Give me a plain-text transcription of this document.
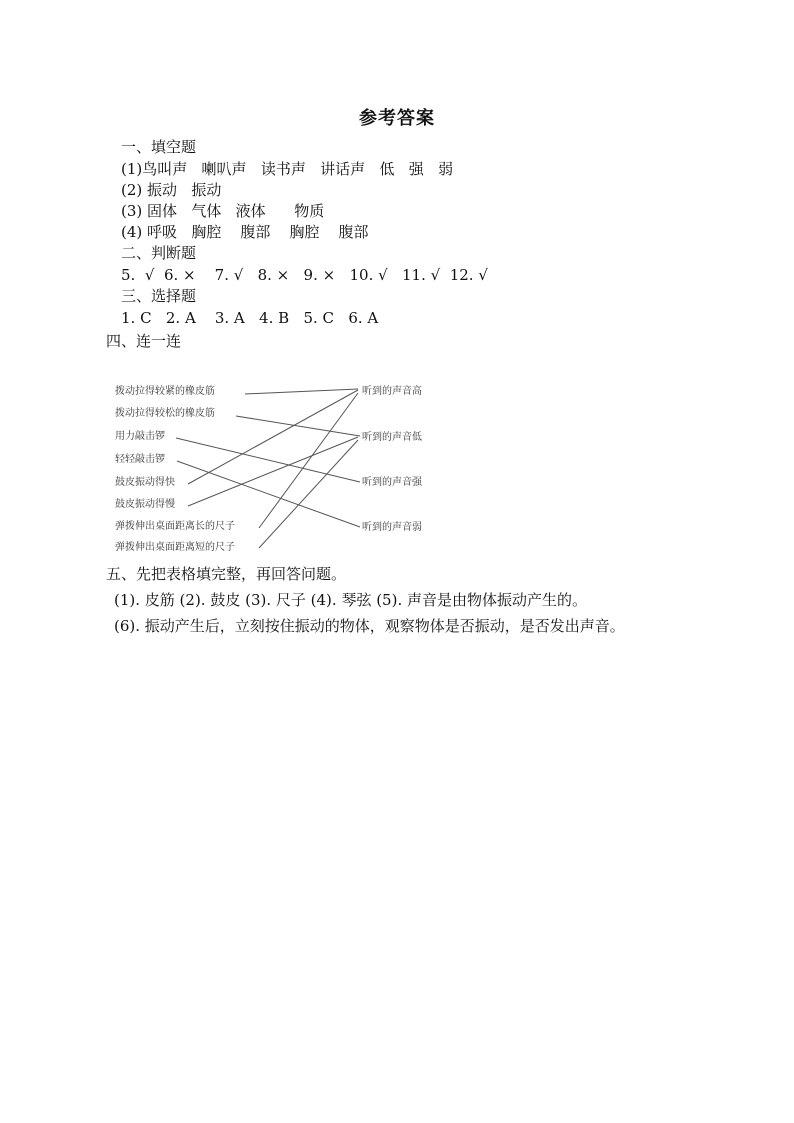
参考答案
一、填空题
(1)鸟叫声   喇叭声   读书声   讲话声   低   强   弱
(2) 振动   振动
(3) 固体   气体   液体      物质
(4) 呼吸   胸腔    腹部    胸腔    腹部
二、判断题
5.  √  6. ×    7. √   8. ×   9. ×   10. √   11. √  12. √
三、选择题
1. C   2. A    3. A   4. B   5. C   6. A
四、连一连
拨动拉得较紧的橡皮筋
拨动拉得较松的橡皮筋
用力敲击锣
轻轻敲击锣
鼓皮振动得快
鼓皮振动得慢
弹拨伸出桌面距离长的尺子
弹拨伸出桌面距离短的尺子
听到的声音高
听到的声音低
听到的声音强
听到的声音弱
五、先把表格填完整，再回答问题。
(1). 皮筋 (2). 鼓皮 (3). 尺子 (4). 琴弦 (5). 声音是由物体振动产生的。
(6). 振动产生后，立刻按住振动的物体，观察物体是否振动，是否发出声音。
